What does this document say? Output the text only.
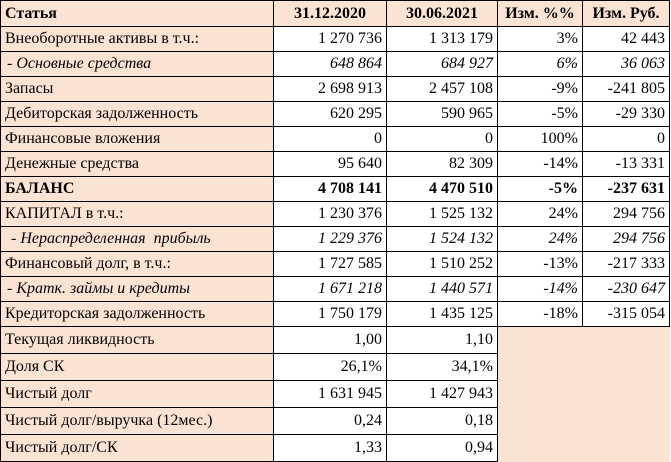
Статья	31.12.2020	30.06.2021	Изм. %%	Изм. Руб.
Внеоборотные активы в т.ч.:	1 270 736	1 313 179	3%	42 443
- Основные средства	648 864	684 927	6%	36 063
Запасы	2 698 913	2 457 108	-9%	-241 805
Дебиторская задолженность	620 295	590 965	-5%	-29 330
Финансовые вложения	0	0	100%	0
Денежные средства	95 640	82 309	-14%	-13 331
БАЛАНС	4 708 141	4 470 510	-5%	-237 631
КАПИТАЛ в т.ч.:	1 230 376	1 525 132	24%	294 756
- Нераспределенная  прибыль	1 229 376	1 524 132	24%	294 756
Финансовый долг, в т.ч.:	1 727 585	1 510 252	-13%	-217 333
- Кратк. займы и кредиты	1 671 218	1 440 571	-14%	-230 647
Кредиторская задолженность	1 750 179	1 435 125	-18%	-315 054
Текущая ликвидность	1,00	1,10		
Доля СК	26,1%	34,1%		
Чистый долг	1 631 945	1 427 943		
Чистый долг/выручка (12мес.)	0,24	0,18		
Чистый долг/СК	1,33	0,94		
